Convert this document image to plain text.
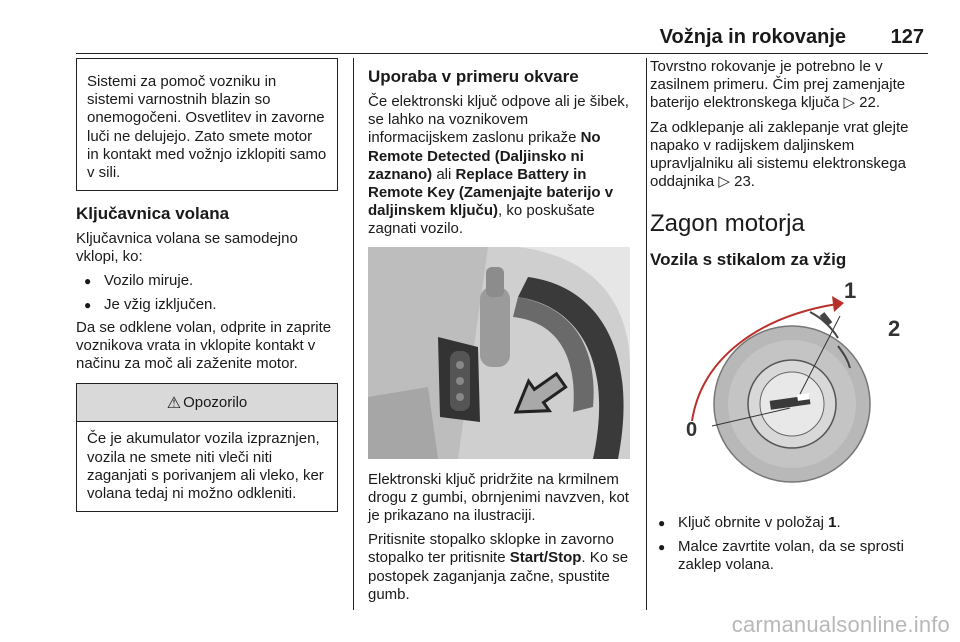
Vožnja in rokovanje 127

Sistemi za pomoč vozniku in sistemi varnostnih blazin so onemogočeni. Osvetlitev in zavorne luči ne delujejo. Zato smete motor in kontakt med vožnjo izklopiti samo v sili.

Ključavnica volana

Ključavnica volana se samodejno vklopi, ko:

● Vozilo miruje.
● Je vžig izključen.

Da se odklene volan, odprite in zaprite voznikova vrata in vklopite kontakt v načinu za moč ali zaženite motor.

⚠ Opozorilo

Če je akumulator vozila izpraznjen, vozila ne smete niti vleči niti zaganjati s porivanjem ali vleko, ker volana tedaj ni možno odkleniti.

Uporaba v primeru okvare

Če elektronski ključ odpove ali je šibek, se lahko na voznikovem informacijskem zaslonu prikaže No Remote Detected (Daljinsko ni zaznano) ali Replace Battery in Remote Key (Zamenjajte baterijo v daljinskem ključu), ko poskušate zagnati vozilo.

Elektronski ključ pridržite na krmilnem drogu z gumbi, obrnjenimi navzven, kot je prikazano na ilustraciji.

Pritisnite stopalko sklopke in zavorno stopalko ter pritisnite Start/Stop. Ko se postopek zaganjanja začne, spustite gumb.

Tovrstno rokovanje je potrebno le v zasilnem primeru. Čim prej zamenjajte baterijo elektronskega ključa ▷ 22.

Za odklepanje ali zaklepanje vrat glejte napako v radijskem daljinskem upravljalniku ali sistemu elektronskega oddajnika ▷ 23.

Zagon motorja
Vozila s stikalom za vžig
0
1
2
● Ključ obrnite v položaj 1.
● Malce zavrtite volan, da se sprosti zaklep volana.
carmanualsonline.info
